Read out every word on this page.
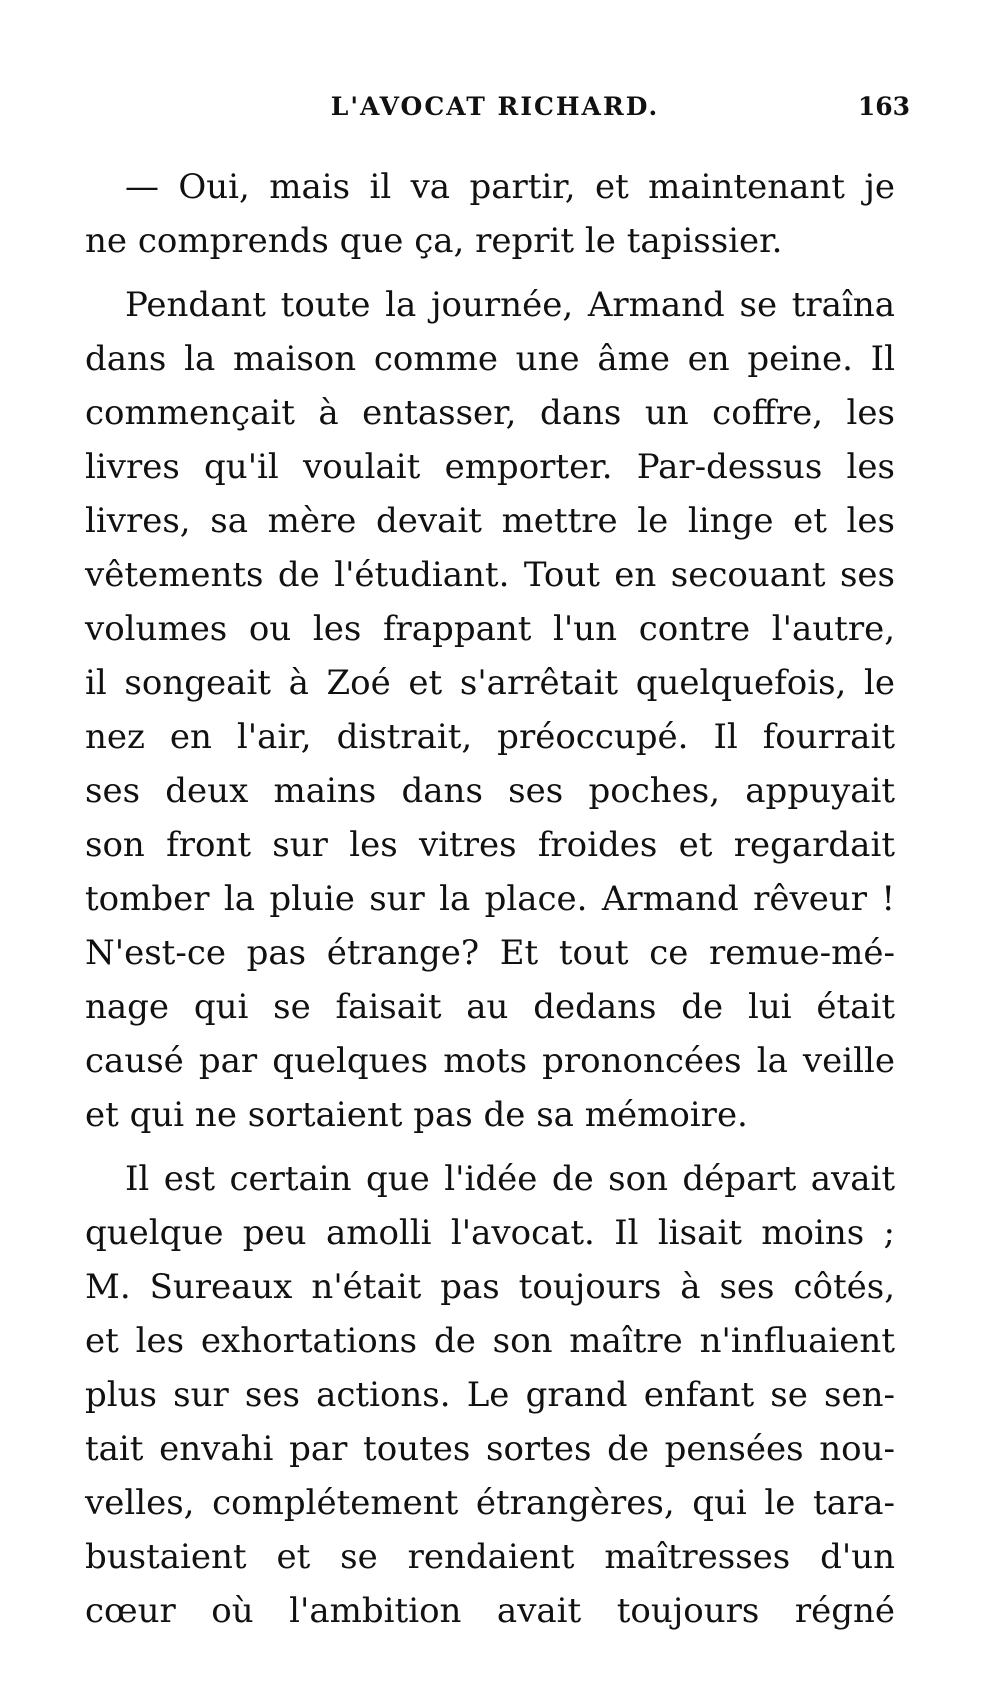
L'AVOCAT RICHARD.	163
— Oui, mais il va partir, et maintenant je
ne comprends que ça, reprit le tapissier.
Pendant toute la journée, Armand se traîna
dans la maison comme une âme en peine. Il
commençait à entasser, dans un coffre, les
livres qu'il voulait emporter. Par-dessus les
livres, sa mère devait mettre le linge et les
vêtements de l'étudiant. Tout en secouant ses
volumes ou les frappant l'un contre l'autre,
il songeait à Zoé et s'arrêtait quelquefois, le
nez en l'air, distrait, préoccupé. Il fourrait
ses deux mains dans ses poches, appuyait
son front sur les vitres froides et regardait
tomber la pluie sur la place. Armand rêveur !
N'est-ce pas étrange? Et tout ce remue-mé-
nage qui se faisait au dedans de lui était
causé par quelques mots prononcées la veille
et qui ne sortaient pas de sa mémoire.
Il est certain que l'idée de son départ avait
quelque peu amolli l'avocat. Il lisait moins ;
M. Sureaux n'était pas toujours à ses côtés,
et les exhortations de son maître n'influaient
plus sur ses actions. Le grand enfant se sen-
tait envahi par toutes sortes de pensées nou-
velles, complétement étrangères, qui le tara-
bustaient et se rendaient maîtresses d'un
cœur où l'ambition avait toujours régné
